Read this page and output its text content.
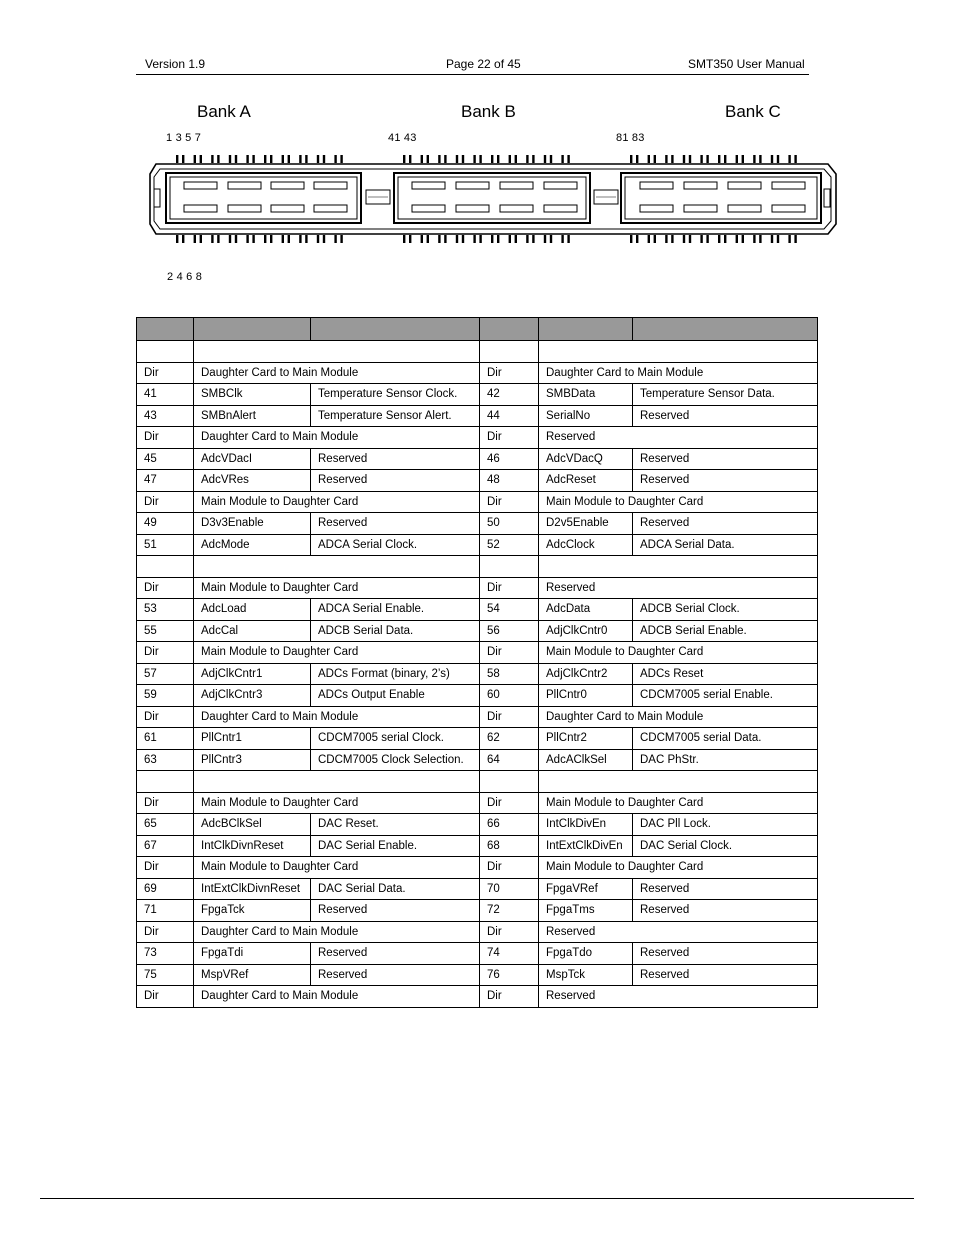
Version 1.9	Page 22 of 45	SMT350 User Manual
Bank A	Bank B	Bank C
1 3 5 7	41 43	81 83
2 4 6 8

Dir	Daughter Card to Main Module		Dir	Daughter Card to Main Module	
41	SMBClk	Temperature Sensor Clock.	42	SMBData	Temperature Sensor Data.
43	SMBnAlert	Temperature Sensor Alert.	44	SerialNo	Reserved
Dir	Daughter Card to Main Module		Dir	Reserved	
45	AdcVDacI	Reserved	46	AdcVDacQ	Reserved
47	AdcVRes	Reserved	48	AdcReset	Reserved
Dir	Main Module to Daughter Card		Dir	Main Module to Daughter Card	
49	D3v3Enable	Reserved	50	D2v5Enable	Reserved
51	AdcMode	ADCA Serial Clock.	52	AdcClock	ADCA Serial Data.

Dir	Main Module to Daughter Card		Dir	Reserved	
53	AdcLoad	ADCA Serial Enable.	54	AdcData	ADCB Serial Clock.
55	AdcCal	ADCB Serial Data.	56	AdjClkCntr0	ADCB Serial Enable.
Dir	Main Module to Daughter Card		Dir	Main Module to Daughter Card	
57	AdjClkCntr1	ADCs Format (binary, 2’s)	58	AdjClkCntr2	ADCs Reset
59	AdjClkCntr3	ADCs Output Enable	60	PllCntr0	CDCM7005 serial Enable.
Dir	Daughter Card to Main Module		Dir	Daughter Card to Main Module	
61	PllCntr1	CDCM7005 serial Clock.	62	PllCntr2	CDCM7005 serial Data.
63	PllCntr3	CDCM7005 Clock Selection.	64	AdcAClkSel	DAC PhStr.

Dir	Main Module to Daughter Card		Dir	Main Module to Daughter Card	
65	AdcBClkSel	DAC Reset.	66	IntClkDivEn	DAC Pll Lock.
67	IntClkDivnReset	DAC Serial Enable.	68	IntExtClkDivEn	DAC Serial Clock.
Dir	Main Module to Daughter Card		Dir	Main Module to Daughter Card	
69	IntExtClkDivnReset	DAC Serial Data.	70	FpgaVRef	Reserved
71	FpgaTck	Reserved	72	FpgaTms	Reserved
Dir	Daughter Card to Main Module		Dir	Reserved	
73	FpgaTdi	Reserved	74	FpgaTdo	Reserved
75	MspVRef	Reserved	76	MspTck	Reserved
Dir	Daughter Card to Main Module		Dir	Reserved	
